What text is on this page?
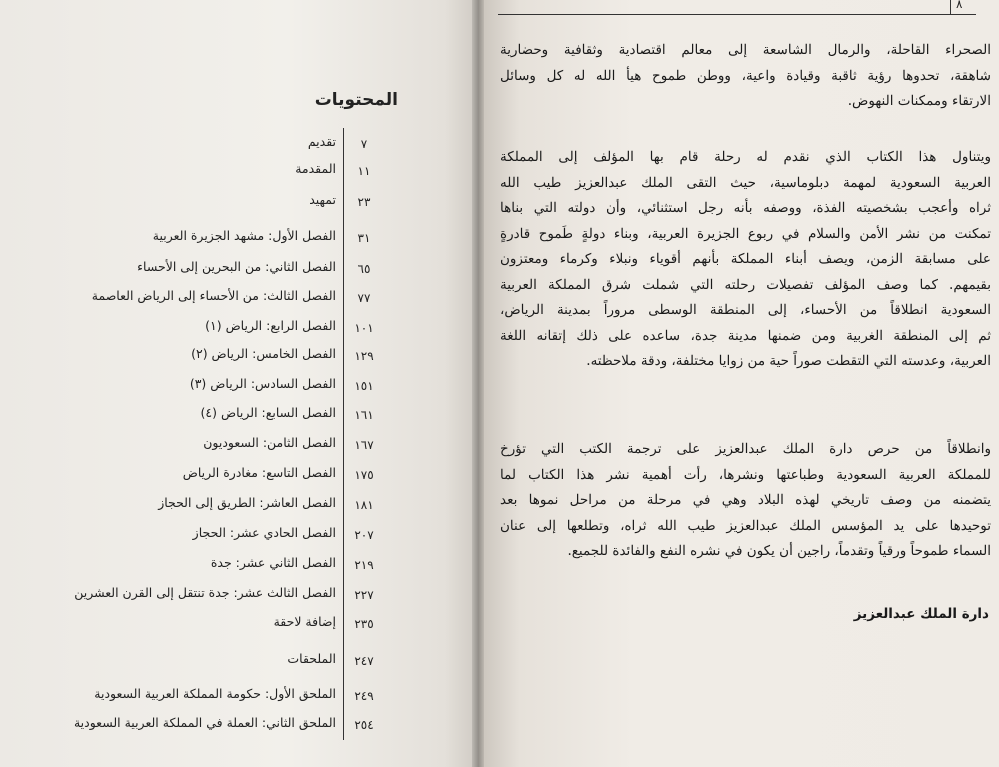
المحتويات
٧
تقديم
١١
المقدمة
٢٣
تمهيد
٣١
الفصل الأول: مشهد الجزيرة العربية
٦٥
الفصل الثاني: من البحرين إلى الأحساء
٧٧
الفصل الثالث: من الأحساء إلى الرياض العاصمة
١٠١
الفصل الرابع: الرياض (١)
١٢٩
الفصل الخامس: الرياض (٢)
١٥١
الفصل السادس: الرياض (٣)
١٦١
الفصل السابع: الرياض (٤)
١٦٧
الفصل الثامن: السعوديون
١٧٥
الفصل التاسع: مغادرة الرياض
١٨١
الفصل العاشر: الطريق إلى الحجاز
٢٠٧
الفصل الحادي عشر: الحجاز
٢١٩
الفصل الثاني عشر: جدة
٢٢٧
الفصل الثالث عشر: جدة تنتقل إلى القرن العشرين
٢٣٥
إضافة لاحقة
٢٤٧
الملحقات
٢٤٩
الملحق الأول: حكومة المملكة العربية السعودية
٢٥٤
الملحق الثاني: العملة في المملكة العربية السعودية
٨
الصحراء القاحلة، والرمال الشاسعة إلى معالم اقتصادية وثقافية وحضارية
شاهقة، تحدوها رؤية ثاقبة وقيادة واعية، ووطن طموح هيأ الله له كل وسائل
الارتقاء وممكنات النهوض.
ويتناول هذا الكتاب الذي نقدم له رحلة قام بها المؤلف إلى المملكة
العربية السعودية لمهمة دبلوماسية، حيث التقى الملك عبدالعزيز طيب الله
ثراه وأعجب بشخصيته الفذة، ووصفه بأنه رجل استثنائي، وأن دولته التي بناها
تمكنت من نشر الأمن والسلام في ربوع الجزيرة العربية، وبناء دولةٍ طَموح قادرةٍ
على مسابقة الزمن، ويصف أبناء المملكة بأنهم أقوياء ونبلاء وكرماء ومعتزون
بقيمهم. كما وصف المؤلف تفصيلات رحلته التي شملت شرق المملكة العربية
السعودية انطلاقاً من الأحساء، إلى المنطقة الوسطى مروراً بمدينة الرياض،
ثم إلى المنطقة الغربية ومن ضمنها مدينة جدة، ساعده على ذلك إتقانه اللغة
العربية، وعدسته التي التقطت صوراً حية من زوايا مختلفة، ودقة ملاحظته.
وانطلاقاً من حرص دارة الملك عبدالعزيز على ترجمة الكتب التي تؤرخ
للمملكة العربية السعودية وطباعتها ونشرها، رأت أهمية نشر هذا الكتاب لما
يتضمنه من وصف تاريخي لهذه البلاد وهي في مرحلة من مراحل نموها بعد
توحيدها على يد المؤسس الملك عبدالعزيز طيب الله ثراه، وتطلعها إلى عنان
السماء طموحاً ورقياً وتقدماً، راجين أن يكون في نشره النفع والفائدة للجميع.
دارة الملك عبدالعزيز
